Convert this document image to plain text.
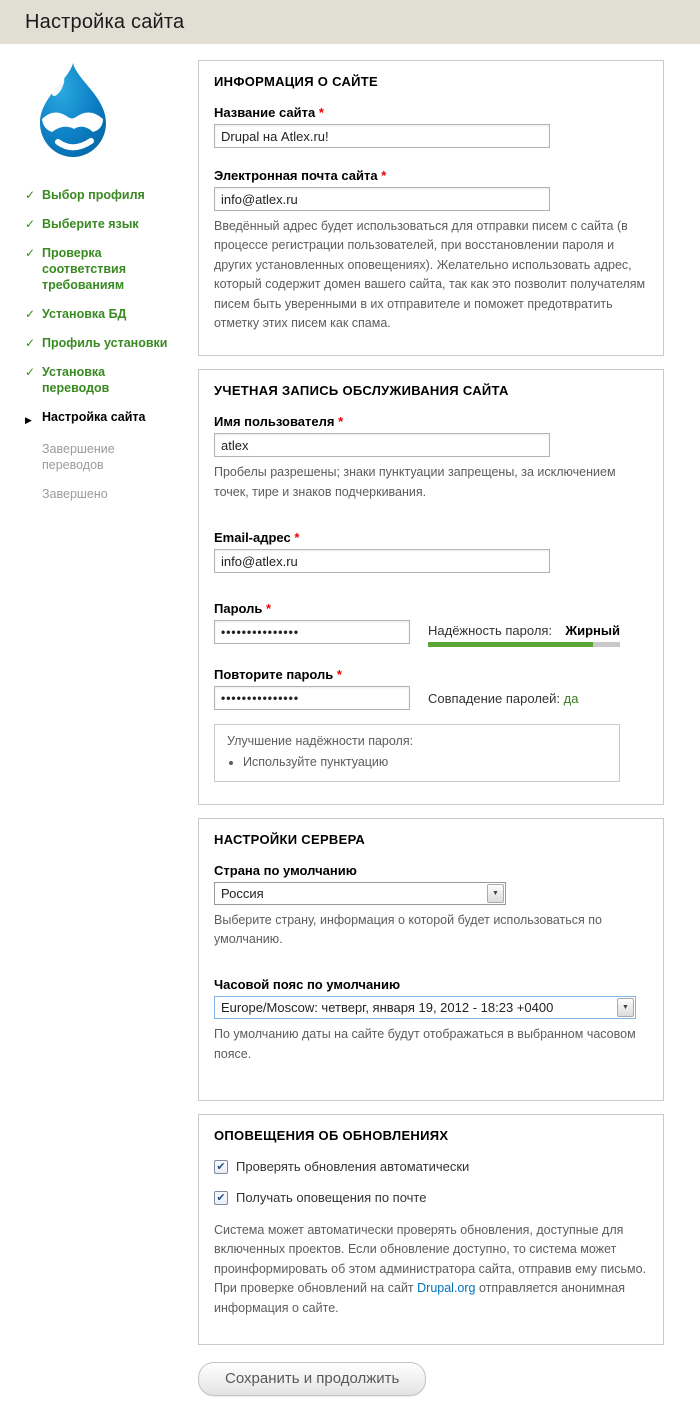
Настройка сайта
✓ Выбор профиля
✓ Выберите язык
✓ Проверка соответствия требованиям
✓ Установка БД
✓ Профиль установки
✓ Установка переводов
▶ Настройка сайта
Завершение переводов
Завершено
ИНФОРМАЦИЯ О САЙТЕ
Название сайта *
Drupal на Atlex.ru!
Электронная почта сайта *
info@atlex.ru
Введённый адрес будет использоваться для отправки писем с сайта (в процессе регистрации пользователей, при восстановлении пароля и других установленных оповещениях). Желательно использовать адрес, который содержит домен вашего сайта, так как это позволит получателям писем быть уверенными в их отправителе и поможет предотвратить отметку этих писем как спама.
УЧЕТНАЯ ЗАПИСЬ ОБСЛУЖИВАНИЯ САЙТА
Имя пользователя *
atlex
Пробелы разрешены; знаки пунктуации запрещены, за исключением точек, тире и знаков подчеркивания.
Email-адрес *
info@atlex.ru
Пароль *
•••••••••••••••
Надёжность пароля: Жирный
Повторите пароль *
•••••••••••••••
Совпадение паролей: да
Улучшение надёжности пароля:
• Используйте пунктуацию
НАСТРОЙКИ СЕРВЕРА
Страна по умолчанию
Россия	▼
Выберите страну, информация о которой будет использоваться по умолчанию.
Часовой пояс по умолчанию
Europe/Moscow: четверг, января 19, 2012 - 18:23 +0400	▼
По умолчанию даты на сайте будут отображаться в выбранном часовом поясе.
ОПОВЕЩЕНИЯ ОБ ОБНОВЛЕНИЯХ
✔ Проверять обновления автоматически
✔ Получать оповещения по почте
Система может автоматически проверять обновления, доступные для включенных проектов. Если обновление доступно, то система может проинформировать об этом администратора сайта, отправив ему письмо. При проверке обновлений на сайт Drupal.org отправляется анонимная информация о сайте.
Сохранить и продолжить
